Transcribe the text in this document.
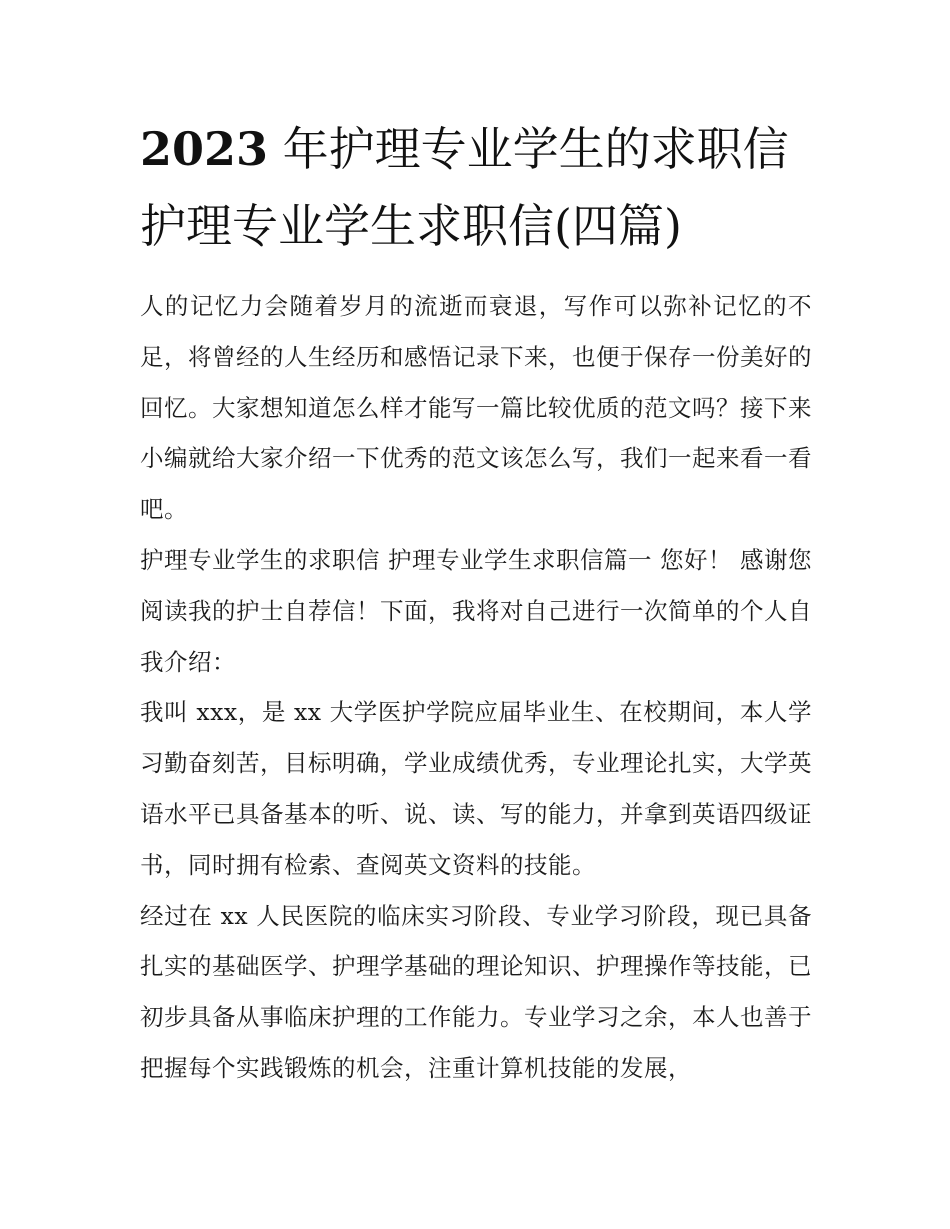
2023 年护理专业学生的求职信
护理专业学生求职信(四篇)

人的记忆力会随着岁月的流逝而衰退，写作可以弥补记忆的不足，将曾经的人生经历和感悟记录下来，也便于保存一份美好的回忆。大家想知道怎么样才能写一篇比较优质的范文吗？接下来小编就给大家介绍一下优秀的范文该怎么写，我们一起来看一看吧。

护理专业学生的求职信 护理专业学生求职信篇一 您好！ 感谢您阅读我的护士自荐信！下面，我将对自己进行一次简单的个人自我介绍：

我叫 xxx，是 xx 大学医护学院应届毕业生、在校期间，本人学习勤奋刻苦，目标明确，学业成绩优秀，专业理论扎实，大学英语水平已具备基本的听、说、读、写的能力，并拿到英语四级证书，同时拥有检索、查阅英文资料的技能。

经过在 xx 人民医院的临床实习阶段、专业学习阶段，现已具备扎实的基础医学、护理学基础的理论知识、护理操作等技能，已初步具备从事临床护理的工作能力。专业学习之余，本人也善于把握每个实践锻炼的机会，注重计算机技能的发展，
